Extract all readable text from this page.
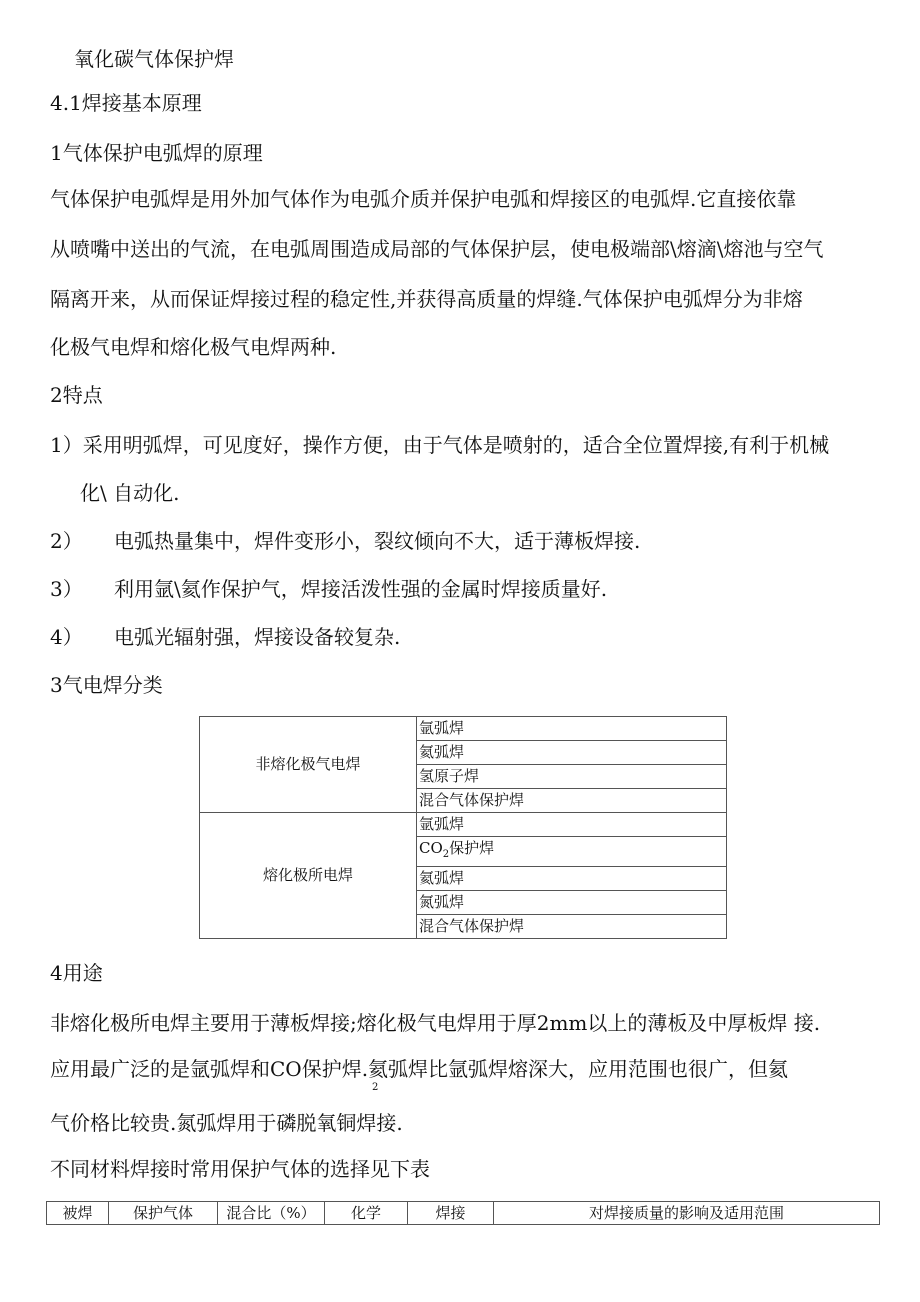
氧化碳气体保护焊
4.1焊接基本原理
1气体保护电弧焊的原理
气体保护电弧焊是用外加气体作为电弧介质并保护电弧和焊接区的电弧焊.它直接依靠
从喷嘴中送出的气流，在电弧周围造成局部的气体保护层，使电极端部\熔滴\熔池与空气
隔离开来，从而保证焊接过程的稳定性,并获得高质量的焊缝.气体保护电弧焊分为非熔
化极气电焊和熔化极气电焊两种.
2特点
1）采用明弧焊，可见度好，操作方便，由于气体是喷射的，适合全位置焊接,有利于机械
化\ 自动化.
2） 电弧热量集中，焊件变形小，裂纹倾向不大，适于薄板焊接.
3） 利用氩\氦作保护气，焊接活泼性强的金属时焊接质量好.
4） 电弧光辐射强，焊接设备较复杂.
3气电焊分类
非熔化极气电焊	氩弧焊
	氦弧焊
	氢原子焊
	混合气体保护焊
熔化极所电焊	氩弧焊
	$CO_2$保护焊
	氦弧焊
	氮弧焊
	混合气体保护焊
4用途
非熔化极所电焊主要用于薄板焊接;熔化极气电焊用于厚2mm以上的薄板及中厚板焊 接.
应用最广泛的是氩弧焊和CO保护焊.氦弧焊比氩弧焊熔深大，应用范围也很广，但氦
2
气价格比较贵.氮弧焊用于磷脱氧铜焊接.
不同材料焊接时常用保护气体的选择见下表
被焊	保护气体	混合比（%）	化学	焊接	对焊接质量的影响及适用范围
